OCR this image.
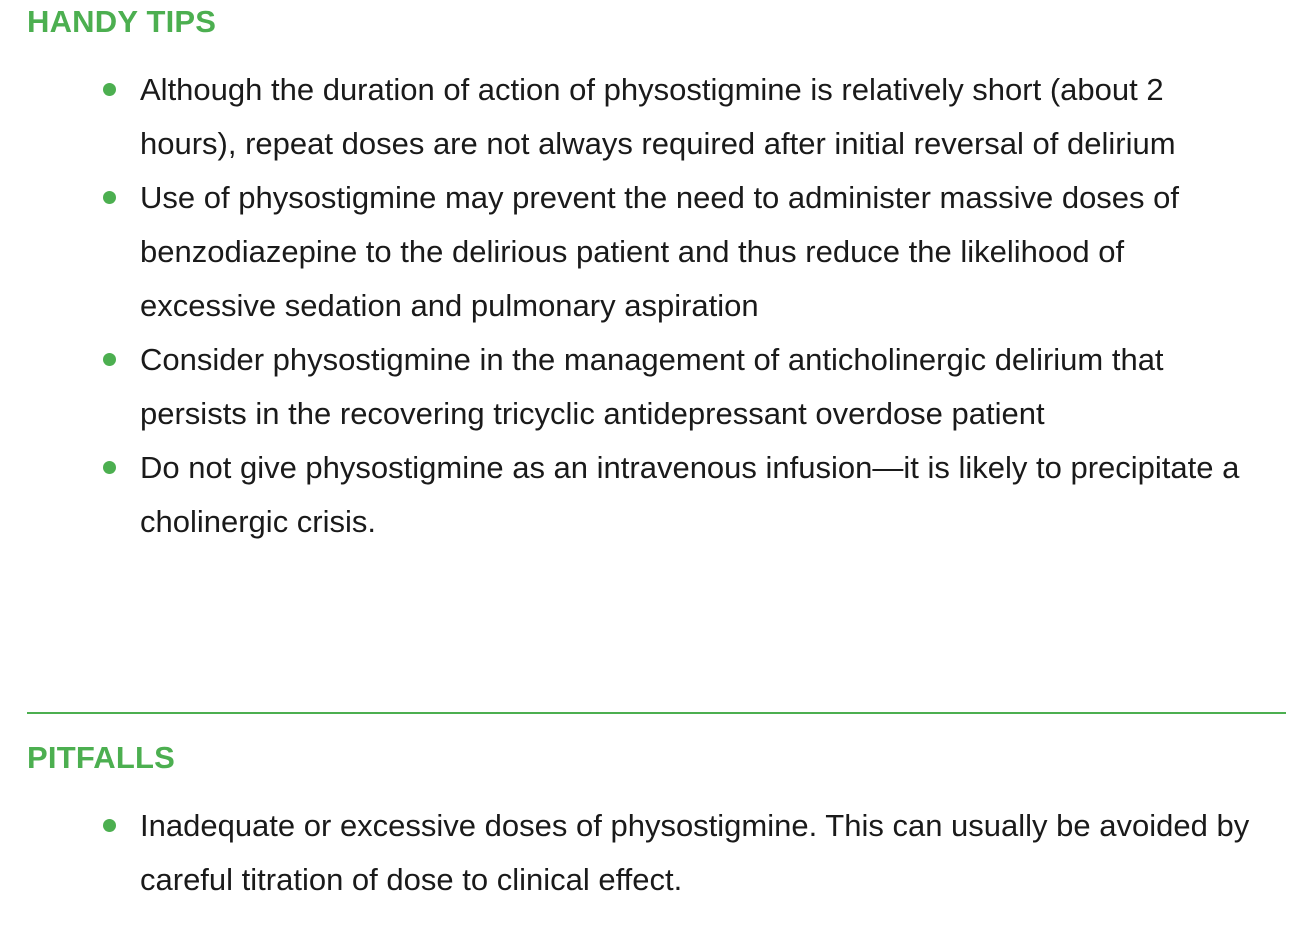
HANDY TIPS
Although the duration of action of physostigmine is relatively short (about 2 hours), repeat doses are not always required after initial reversal of delirium
Use of physostigmine may prevent the need to administer massive doses of benzodiazepine to the delirious patient and thus reduce the likelihood of excessive sedation and pulmonary aspiration
Consider physostigmine in the management of anticholinergic delirium that persists in the recovering tricyclic antidepressant overdose patient
Do not give physostigmine as an intravenous infusion—it is likely to precipitate a cholinergic crisis.
PITFALLS
Inadequate or excessive doses of physostigmine. This can usually be avoided by careful titration of dose to clinical effect.
